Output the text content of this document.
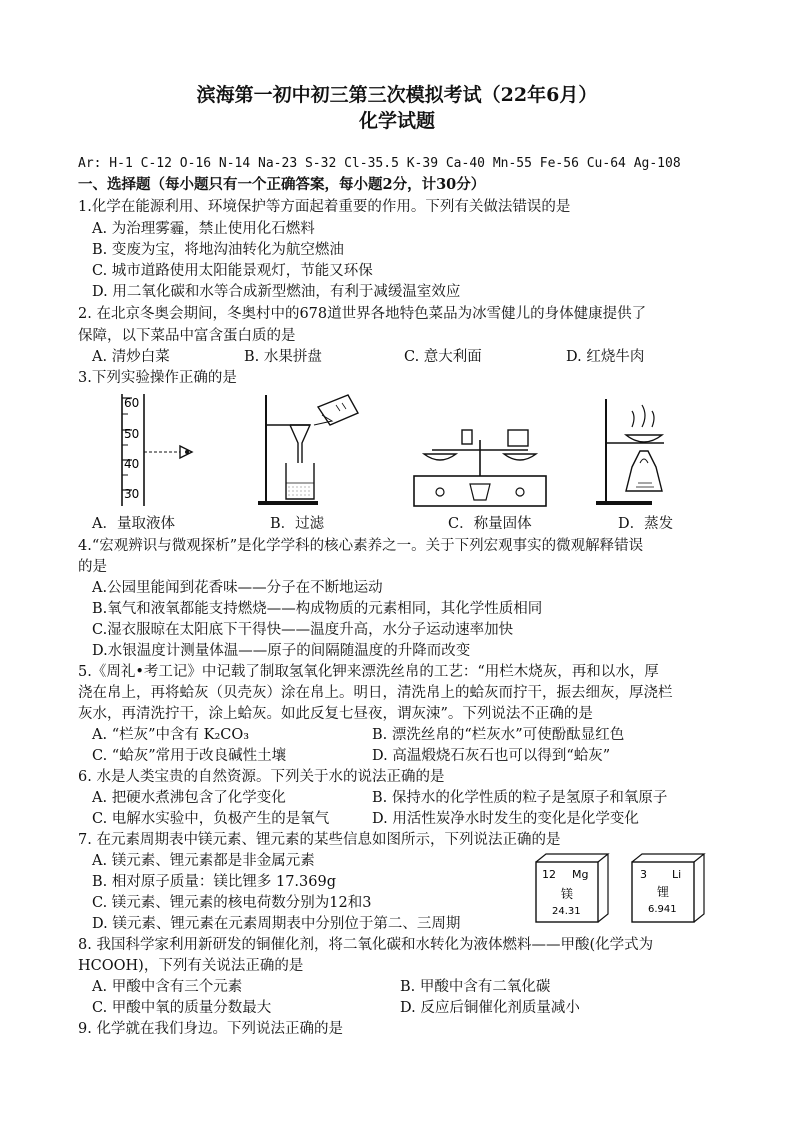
滨海第一初中初三第三次模拟考试（22年6月）
化学试题
Ar: H-1 C-12 O-16 N-14 Na-23 S-32 Cl-35.5 K-39 Ca-40 Mn-55 Fe-56 Cu-64 Ag-108
一、选择题（每小题只有一个正确答案，每小题2分，计30分）
1.化学在能源利用、环境保护等方面起着重要的作用。下列有关做法错误的是
A. 为治理雾霾，禁止使用化石燃料
B. 变废为宝，将地沟油转化为航空燃油
C. 城市道路使用太阳能景观灯，节能又环保
D. 用二氧化碳和水等合成新型燃油，有利于减缓温室效应
2. 在北京冬奥会期间，冬奥村中的678道世界各地特色菜品为冰雪健儿的身体健康提供了
保障，以下菜品中富含蛋白质的是
A. 清炒白菜	B. 水果拼盘	C. 意大利面	D. 红烧牛肉
3.下列实验操作正确的是
60
50
40
30
A．量取液体	B．过滤	C．称量固体	D．蒸发
4.“宏观辨识与微观探析”是化学学科的核心素养之一。关于下列宏观事实的微观解释错误
的是
A.公园里能闻到花香味——分子在不断地运动
B.氧气和液氧都能支持燃烧——构成物质的元素相同，其化学性质相同
C.湿衣服晾在太阳底下干得快——温度升高，水分子运动速率加快
D.水银温度计测量体温——原子的间隔随温度的升降而改变
5.《周礼•考工记》中记载了制取氢氧化钾来漂洗丝帛的工艺：“用栏木烧灰，再和以水，厚
浇在帛上，再将蛤灰（贝壳灰）涂在帛上。明日，清洗帛上的蛤灰而拧干，振去细灰，厚浇栏
灰水，再清洗拧干，涂上蛤灰。如此反复七昼夜，谓灰涑”。下列说法不正确的是
A. “栏灰”中含有 K₂CO₃	B. 漂洗丝帛的“栏灰水”可使酚酞显红色
C. “蛤灰”常用于改良碱性土壤	D. 高温煅烧石灰石也可以得到“蛤灰”
6. 水是人类宝贵的自然资源。下列关于水的说法正确的是
A. 把硬水煮沸包含了化学变化	B. 保持水的化学性质的粒子是氢原子和氧原子
C. 电解水实验中，负极产生的是氧气	D. 用活性炭净水时发生的变化是化学变化
7. 在元素周期表中镁元素、锂元素的某些信息如图所示，下列说法正确的是
A. 镁元素、锂元素都是非金属元素
B. 相对原子质量：镁比锂多 17.369g
C. 镁元素、锂元素的核电荷数分别为12和3
D. 镁元素、锂元素在元素周期表中分别位于第二、三周期
12 Mg
镁
24.31
3 Li
锂
6.941
8. 我国科学家利用新研发的铜催化剂，将二氧化碳和水转化为液体燃料——甲酸(化学式为
HCOOH)，下列有关说法正确的是
A. 甲酸中含有三个元素	B. 甲酸中含有二氧化碳
C. 甲酸中氧的质量分数最大	D. 反应后铜催化剂质量减小
9. 化学就在我们身边。下列说法正确的是
